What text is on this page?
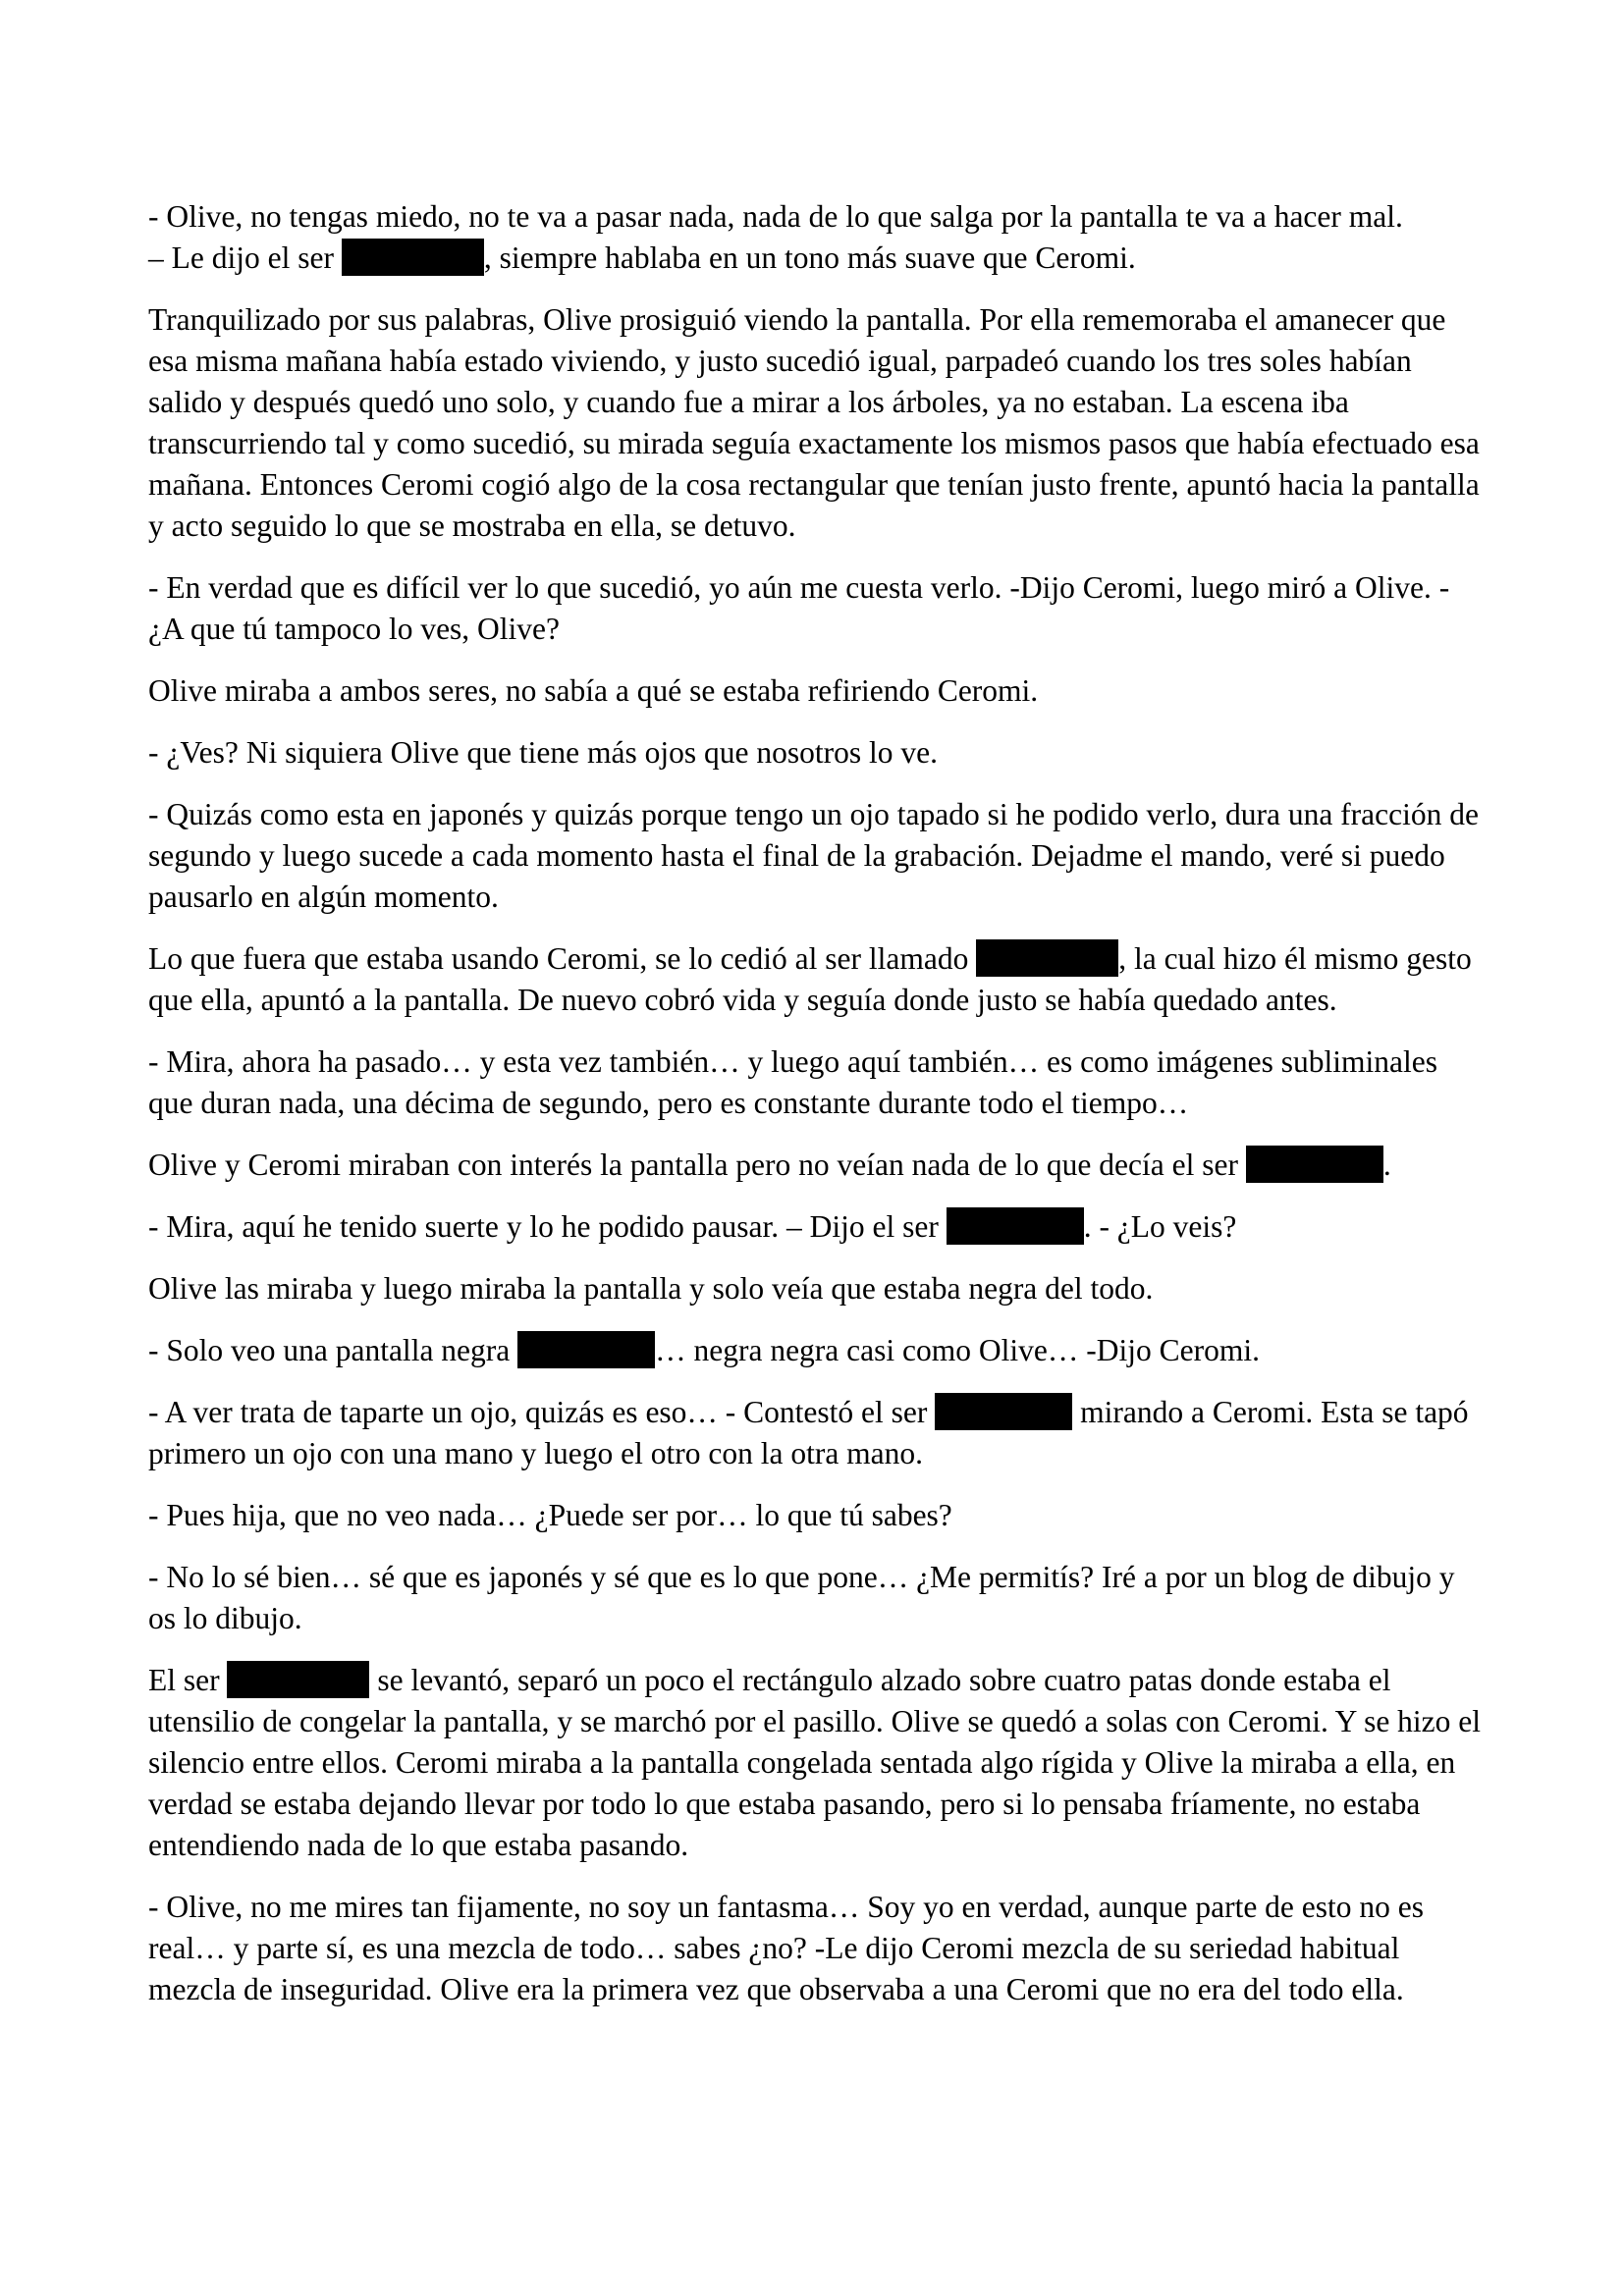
- Olive, no tengas miedo, no te va a pasar nada, nada de lo que salga por la pantalla te va a hacer mal.
– Le dijo el ser	, siempre hablaba en un tono más suave que Ceromi.

Tranquilizado por sus palabras, Olive prosiguió viendo la pantalla. Por ella rememoraba el amanecer que esa misma mañana había estado viviendo, y justo sucedió igual, parpadeó cuando los tres soles habían salido y después quedó uno solo, y cuando fue a mirar a los árboles, ya no estaban. La escena iba transcurriendo tal y como sucedió, su mirada seguía exactamente los mismos pasos que había efectuado esa mañana. Entonces Ceromi cogió algo de la cosa rectangular que tenían justo frente, apuntó hacia la pantalla y acto seguido lo que se mostraba en ella, se detuvo.

- En verdad que es difícil ver lo que sucedió, yo aún me cuesta verlo. -Dijo Ceromi, luego miró a Olive. - ¿A que tú tampoco lo ves, Olive?

Olive miraba a ambos seres, no sabía a qué se estaba refiriendo Ceromi.

- ¿Ves? Ni siquiera Olive que tiene más ojos que nosotros lo ve.

- Quizás como esta en japonés y quizás porque tengo un ojo tapado si he podido verlo, dura una fracción de segundo y luego sucede a cada momento hasta el final de la grabación. Dejadme el mando, veré si puedo pausarlo en algún momento.

Lo que fuera que estaba usando Ceromi, se lo cedió al ser llamado	, la cual hizo él mismo gesto que ella, apuntó a la pantalla. De nuevo cobró vida y seguía donde justo se había quedado antes.

- Mira, ahora ha pasado… y esta vez también… y luego aquí también… es como imágenes subliminales que duran nada, una décima de segundo, pero es constante durante todo el tiempo…

Olive y Ceromi miraban con interés la pantalla pero no veían nada de lo que decía el ser	.

- Mira, aquí he tenido suerte y lo he podido pausar. – Dijo el ser	. - ¿Lo veis?

Olive las miraba y luego miraba la pantalla y solo veía que estaba negra del todo.

- Solo veo una pantalla negra	… negra negra casi como Olive… -Dijo Ceromi.

- A ver trata de taparte un ojo, quizás es eso… - Contestó el ser	mirando a Ceromi. Esta se tapó primero un ojo con una mano y luego el otro con la otra mano.

- Pues hija, que no veo nada… ¿Puede ser por… lo que tú sabes?

- No lo sé bien… sé que es japonés y sé que es lo que pone… ¿Me permitís? Iré a por un blog de dibujo y os lo dibujo.

El ser	se levantó, separó un poco el rectángulo alzado sobre cuatro patas donde estaba el utensilio de congelar la pantalla, y se marchó por el pasillo. Olive se quedó a solas con Ceromi. Y se hizo el silencio entre ellos. Ceromi miraba a la pantalla congelada sentada algo rígida y Olive la miraba a ella, en verdad se estaba dejando llevar por todo lo que estaba pasando, pero si lo pensaba fríamente, no estaba entendiendo nada de lo que estaba pasando.

- Olive, no me mires tan fijamente, no soy un fantasma… Soy yo en verdad, aunque parte de esto no es real… y parte sí, es una mezcla de todo… sabes ¿no? -Le dijo Ceromi mezcla de su seriedad habitual mezcla de inseguridad. Olive era la primera vez que observaba a una Ceromi que no era del todo ella.
